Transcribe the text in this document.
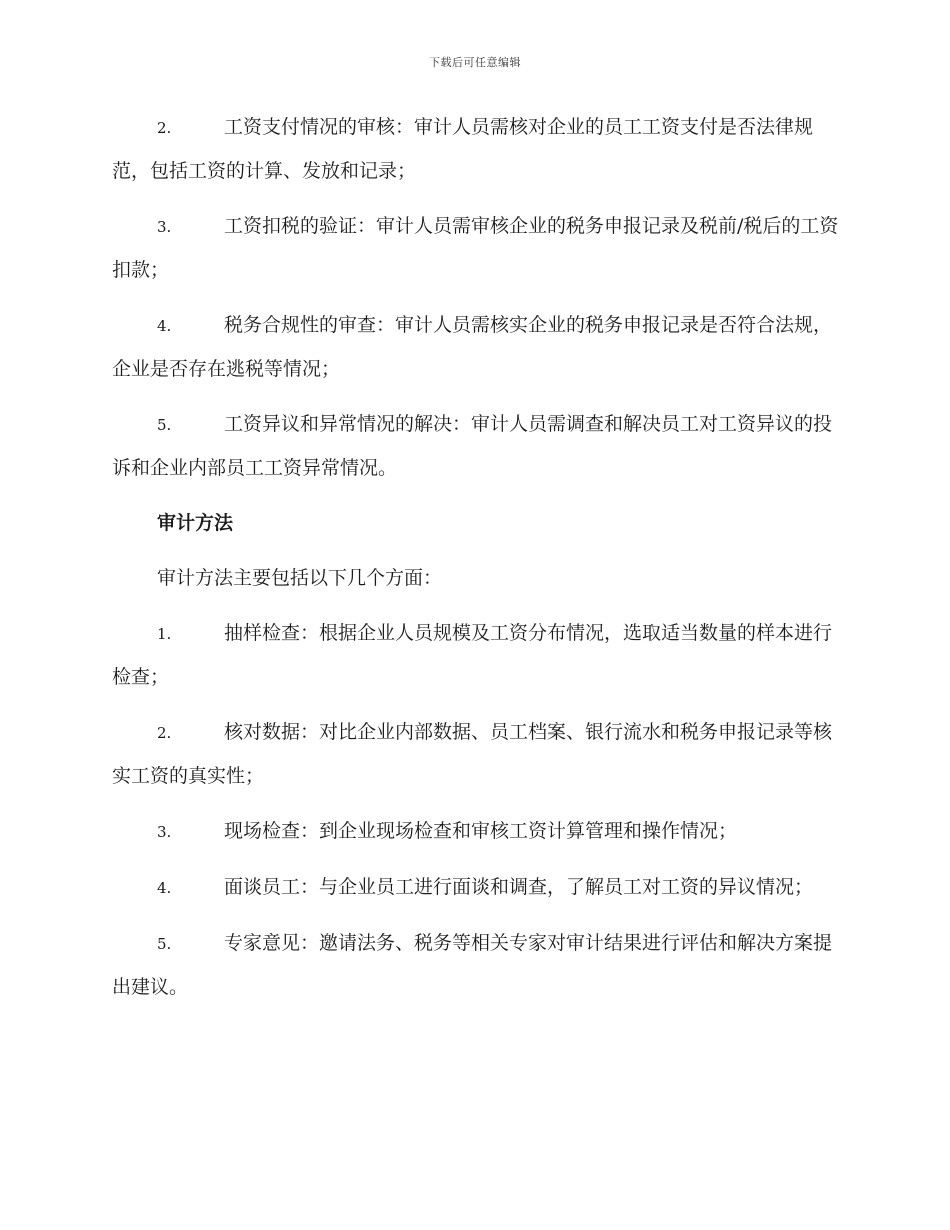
下载后可任意编辑
2.	工资支付情况的审核：审计人员需核对企业的员工工资支付是否法律规范，包括工资的计算、发放和记录；
3.	工资扣税的验证：审计人员需审核企业的税务申报记录及税前/税后的工资扣款；
4.	税务合规性的审查：审计人员需核实企业的税务申报记录是否符合法规，企业是否存在逃税等情况；
5.	工资异议和异常情况的解决：审计人员需调查和解决员工对工资异议的投诉和企业内部员工工资异常情况。
审计方法
审计方法主要包括以下几个方面：
1.	抽样检查：根据企业人员规模及工资分布情况，选取适当数量的样本进行检查；
2.	核对数据：对比企业内部数据、员工档案、银行流水和税务申报记录等核实工资的真实性；
3.	现场检查：到企业现场检查和审核工资计算管理和操作情况；
4.	面谈员工：与企业员工进行面谈和调查，了解员工对工资的异议情况；
5.	专家意见：邀请法务、税务等相关专家对审计结果进行评估和解决方案提出建议。
